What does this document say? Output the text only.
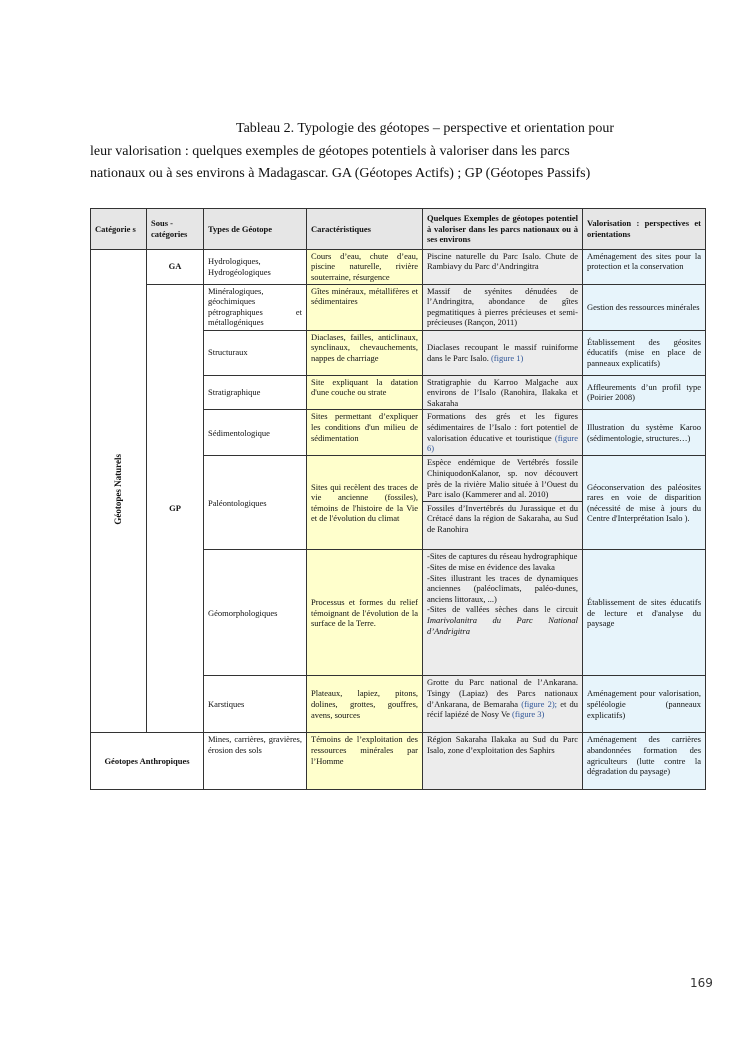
Tableau 2. Typologie des géotopes – perspective et orientation pour
leur valorisation : quelques exemples de géotopes potentiels à valoriser dans les parcs
nationaux ou à ses environs à Madagascar. GA (Géotopes Actifs) ; GP (Géotopes Passifs)
Catégorie s	Sous - catégories	Types de Géotope	Caractéristiques	Quelques Exemples de géotopes potentiel à valoriser dans les parcs nationaux ou à ses environs	Valorisation : perspectives et orientations
Géotopes Naturels	GA	Hydrologiques, Hydrogéologiques	Cours d’eau, chute d’eau, piscine naturelle, rivière souterraine, résurgence	Piscine naturelle du Parc Isalo. Chute de Rambiavy du Parc d’Andringitra	Aménagement des sites pour la protection et la conservation
	GP	Minéralogiques, géochimiques pétrographiques et métallogéniques	Gîtes minéraux, métallifères et sédimentaires	Massif de syénites dénudées de l’Andringitra, abondance de gîtes pegmatitiques à pierres précieuses et semi-précieuses (Rançon, 2011)	Gestion des ressources minérales
		Structuraux	Diaclases, failles, anticlinaux, synclinaux, chevauchements, nappes de charriage	Diaclases recoupant le massif ruiniforme dans le Parc Isalo. (figure 1)	Établissement des géosites éducatifs (mise en place de panneaux explicatifs)
		Stratigraphique	Site expliquant la datation d'une couche ou strate	Stratigraphie du Karroo Malgache aux environs de l’Isalo (Ranohira, Ilakaka et Sakaraha	Affleurements d’un profil type (Poirier 2008)
		Sédimentologique	Sites permettant d’expliquer les conditions d'un milieu de sédimentation	Formations des grés et les figures sédimentaires de l’Isalo : fort potentiel de valorisation éducative et touristique (figure 6)	Illustration du système Karoo (sédimentologie, structures…)
		Paléontologiques	Sites qui recèlent des traces de vie ancienne (fossiles), témoins de l'histoire de la Vie et de l'évolution du climat	Espèce endémique de Vertébrés fossile ChiniquodonKalanor, sp. nov découvert près de la rivière Malio située à l’Ouest du Parc isalo (Kammerer and al. 2010)
Fossiles d’Invertébrés du Jurassique et du Crétacé dans la région de Sakaraha, au Sud de Ranohira	Géoconservation des paléosites rares en voie de disparition (nécessité de mise à jours du Centre d'Interprétation Isalo ).
		Géomorphologiques	Processus et formes du relief témoignant de l'évolution de la surface de la Terre.	-Sites de captures du réseau hydrographique
-Sites de mise en évidence des lavaka
-Sites illustrant les traces de dynamiques anciennes (paléoclimats, paléo-dunes, anciens littoraux, ...)
-Sites de vallées sèches dans le circuit Imarivolanitra du Parc National d’Andrigitra	Établissement de sites éducatifs de lecture et d'analyse du paysage
		Karstiques	Plateaux, lapiez, pitons, dolines, grottes, gouffres, avens, sources	Grotte du Parc national de l’Ankarana. Tsingy (Lapiaz) des Parcs nationaux d’Ankarana, de Bemaraha (figure 2); et du récif lapiézé de Nosy Ve (figure 3)	Aménagement pour valorisation, spéléologie (panneaux explicatifs)
Géotopes Anthropiques		Mines, carrières, gravières, érosion des sols	Témoins de l’exploitation des ressources minérales par l’Homme	Région Sakaraha Ilakaka au Sud du Parc Isalo, zone d’exploitation des Saphirs	Aménagement des carrières abandonnées formation des agriculteurs (lutte contre la dégradation du paysage)
169
